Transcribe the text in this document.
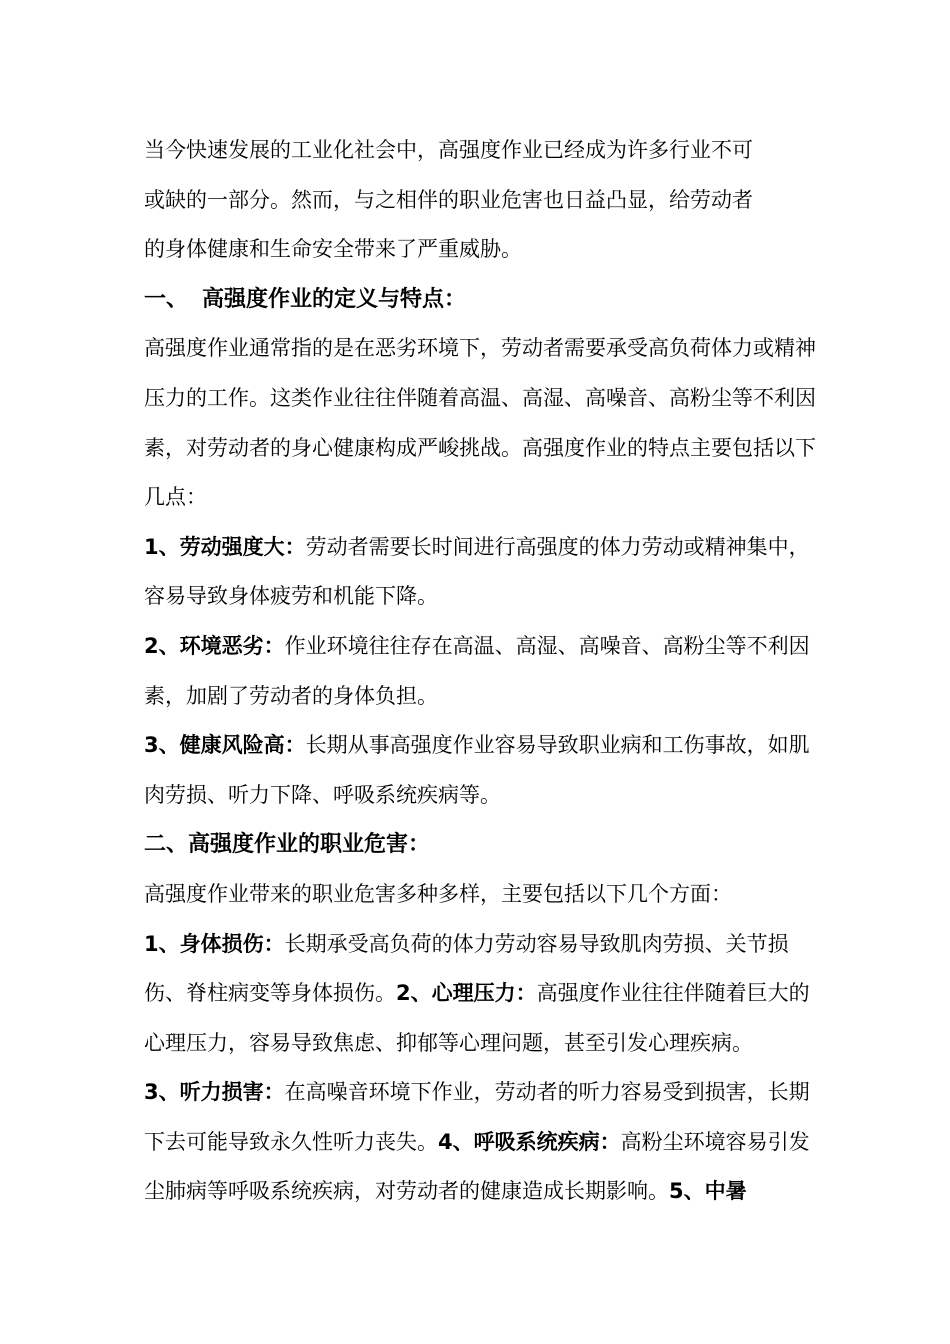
当今快速发展的工业化社会中，高强度作业已经成为许多行业不可
或缺的一部分。然而，与之相伴的职业危害也日益凸显，给劳动者
的身体健康和生命安全带来了严重威胁。

一、 高强度作业的定义与特点：

高强度作业通常指的是在恶劣环境下，劳动者需要承受高负荷体力或精神压力的工作。这类作业往往伴随着高温、高湿、高噪音、高粉尘等不利因素，对劳动者的身心健康构成严峻挑战。高强度作业的特点主要包括以下几点：

1、劳动强度大：劳动者需要长时间进行高强度的体力劳动或精神集中，容易导致身体疲劳和机能下降。

2、环境恶劣：作业环境往往存在高温、高湿、高噪音、高粉尘等不利因素，加剧了劳动者的身体负担。

3、健康风险高：长期从事高强度作业容易导致职业病和工伤事故，如肌肉劳损、听力下降、呼吸系统疾病等。

二、高强度作业的职业危害：

高强度作业带来的职业危害多种多样，主要包括以下几个方面：

1、身体损伤：长期承受高负荷的体力劳动容易导致肌肉劳损、关节损伤、脊柱病变等身体损伤。2、心理压力：高强度作业往往伴随着巨大的心理压力，容易导致焦虑、抑郁等心理问题，甚至引发心理疾病。

3、听力损害：在高噪音环境下作业，劳动者的听力容易受到损害，长期下去可能导致永久性听力丧失。4、呼吸系统疾病：高粉尘环境容易引发尘肺病等呼吸系统疾病，对劳动者的健康造成长期影响。5、中暑
